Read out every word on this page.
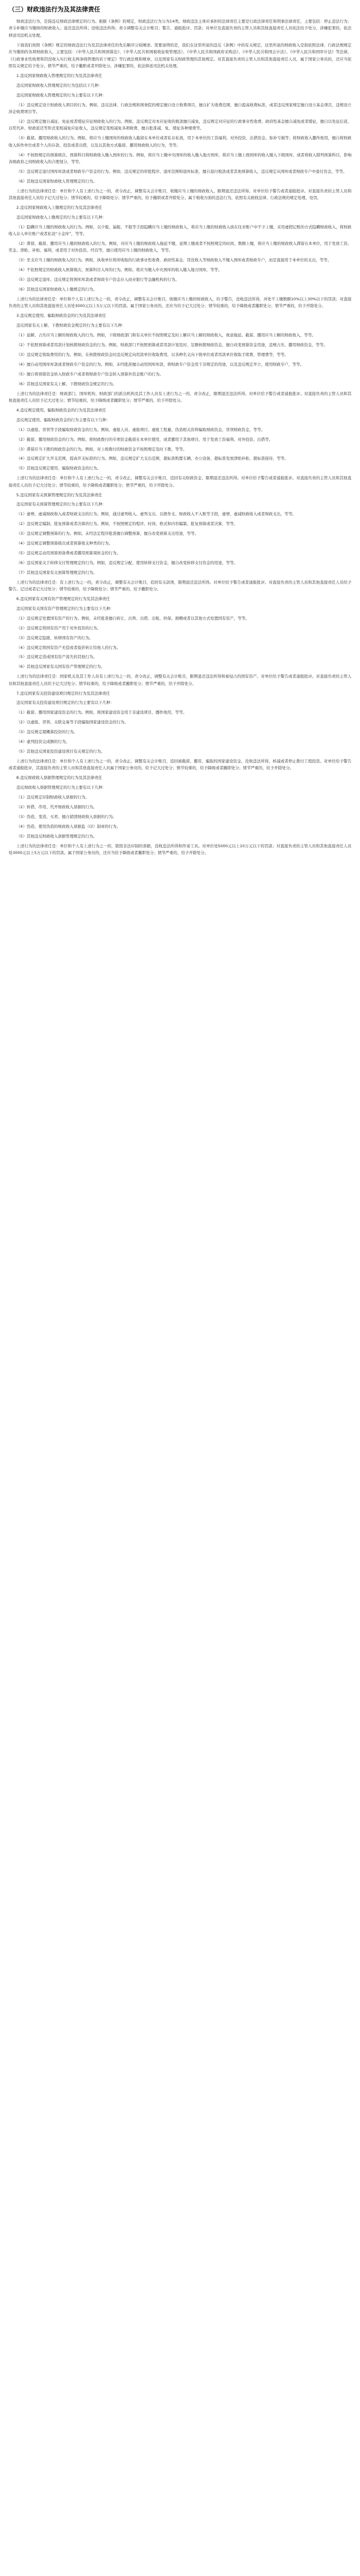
（三）财政违法行为及其法律责任

财政违法行为，是指违反财政法律规定的行为。根据《条例》的规定，财政违法行为分为14类。财政违法主体应承担的法律责任主要是行政法律责任和刑事法律责任，主要包括：停止违法行为；责令补缴应当缴纳的财政收入；退还违法所得；没收违法所得；责令调整有关会计账目；警告、通报批评、罚款；对单位及直接负责的主管人员和其他直接责任人员依法给予处分，涉嫌犯罪的，依法移送司法机关处理。

下面我们按照《条例》规定的财政违法行为及其法律责任的先后顺序分别阐述。需要说明的是，我们在这里所说的违反《条例》中的有关规定，这里所说的财政收入是指依照法律、行政法规规定应当缴纳的各项财政收入，主要包括：《中华人民共和国预算法》、《中华人民共和国税收征收管理法》、《中华人民共和国政府采购法》、《中华人民共和国会计法》、《中华人民共和国审计法》等法律，《行政事业性收费和罚没收入实行收支两条线管理的若干规定》等行政法规和规章，以及国家有关财政管理的其他规定。对其直接负责的主管人员和其他直接责任人员，属于国家公务员的，还应当依照有关规定给予处分。情节严重的，给予撤职或者开除处分。涉嫌犯罪的，依法移送司法机关处理。

1.违反国家财政收入管理规定的行为及其法律责任

违反国家财政收入管理规定的行为包括以下几种：

违反国家财政收入管理规定的行为主要有以下几种：

（1）违反规定设立财政收入项目的行为。例如，违反法律、行政法规和国务院的规定擅自设立收费项目，擅自扩大收费范围，擅自提高收费标准，或者违反国家规定擅自设立基金项目，违规设立涉企收费项目等。

（2）违反规定擅自减征、免征或者缓征应征财政收入的行为。例如，违反规定对本应征收的税款擅自减免，违反规定对应征的行政事业性收费、政府性基金擅自减免或者缓征，擅自以先征后返、以奖代补、财政返还等形式变相减免应征收入，违反规定变相减免各项税费，擅自批准减、免、缓征各种规费等。

（3）截留、挪用财政收入的行为。例如，将应当上缴国库的财政收入截留在本单位或者私存私放，用于本单位的工资福利、对外投资、出借资金、弥补亏损等；将财政收入挪作他用，擅自将财政收入转作单位或者个人的存款、投资或者出借，以及以其他方式截留、挪用财政收入的行为，等等。

（4）不按照规定的预算级次、预算科目将财政收入缴入国库的行为。例如，将应当上缴中央国库的收入缴入地方国库，将应当上缴上级国库的收入缴入下级国库，或者将收入错列预算科目，影响各级政府之间财政收入的合理划分，等等。

（5）违反规定退付国库库款或者财政专户资金的行为。例如，违反规定的审批程序、退库范围和退库标准，擅自退付税款或者其他预算收入，违反规定从国库或者财政专户中退付资金，等等。

（6）其他违反国家财政收入管理规定的行为。

上述行为的法律责任是：单位和个人有上述行为之一的，责令改正，调整有关会计账目，收缴应当上缴的财政收入，限期退还违法所得。对单位给予警告或者通报批评。对直接负责的主管人员和其他直接责任人员给予记大过处分；情节较重的，给予降级处分；情节严重的，给予撤职或者开除处分。属于税收方面的违法行为，依照有关税收法律、行政法规的规定处理、处罚。

2.违反国家财政收入上缴规定的行为及其法律责任

违反国家财政收入上缴规定的行为主要有以下几种：

（1）隐瞒应当上缴的财政收入的行为。例如，以少报、漏报、不报等手段隐瞒应当上缴的财政收入，将应当上缴的财政收入放在往来账户中不予上缴，采用虚假记账的方式隐瞒财政收入，将财政收入存入单位账户或者私设“小金库”，等等。

（2）滞留、截留、挪用应当上缴的财政收入的行为。例如，对应当上缴的财政收入拖延不缴，延期上缴或者不按照规定的时间、数额上缴，将应当上缴的财政收入滞留在本单位，用于发放工资、奖金、津贴、补贴、福利，或者用于对外投资、经营等，擅自使用应当上缴的财政收入，等等。

（3）坐支应当上缴的财政收入的行为。例如，执收单位将所收取的行政事业性收费、政府性基金、罚没收入等财政收入不缴入国库或者财政专户，而是直接用于本单位的支出，等等。

（4）不依照规定的财政收入预算级次、预算科目入库的行为。例如，将应当缴入中央国库的收入缴入地方国库，等等。

（5）违反规定退库、违反规定将国库库款或者财政专户资金存入商业银行等金融机构的行为。

（6）其他违反国家财政收入上缴规定的行为。

上述行为的法律责任是：单位和个人有上述行为之一的，责令改正，调整有关会计账目，收缴应当上缴的财政收入，给予警告，没收违法所得，并处不上缴数额10%以上30%以下的罚款；对直接负责的主管人员和其他直接责任人员处3000元以上5万元以下的罚款。属于国家公务员的，还应当给予记大过处分；情节较重的，给予降级或者撤职处分；情节严重的，给予开除处分。

3.违反规定使用、骗取财政资金的行为及其法律责任

违反国家有关上解、下拨财政资金规定的行为主要有以下几种：

（1）延解、占压应当上解的财政收入的行为。例如，下级财政部门和有关单位不按照规定及时上解应当上解的财政收入，故意拖延、截留、挪用应当上解的财政收入，等等。

（2）不依照预算或者用款计划核拨财政资金的行为。例如，财政部门不按照预算或者用款计划及时、足额核拨财政资金，擅自改变预算资金用途，违规占压、挪用财政资金，等等。

（3）违反规定收取费用的行为。例如，在核拨财政资金时违反规定向用款单位收取费用，以各种名义向下级单位或者用款单位收取手续费、管理费等，等等。

（4）擅自动用国库库款或者财政专户资金的行为。例如，未经批准擅自动用国库库款，将财政专户资金用于非规定的用途，以及违反规定开立、使用财政专户，等等。

（5）擅自将预算资金转入财政专户或者将财政专户资金转入预算外资金账户的行为。

（6）其他违反国家有关上解、下拨财政资金规定的行为。

上述行为的法律责任是：财政部门、国库机构、财政部门的派出机构及其工作人员有上述行为之一的，责令改正，限期退还违法所得。对单位给予警告或者通报批评。对直接负责的主管人员和其他直接责任人员给予记大过处分；情节较重的，给予降级或者撤职处分；情节严重的，给予开除处分。

4.违反规定使用、骗取财政资金的行为及其法律责任

违反规定使用、骗取财政资金的行为主要有以下几种：

（1）以虚报、冒领等手段骗取财政资金的行为。例如，虚报人员、虚报项目、虚报工程量、伪造相关资料骗取财政资金，冒领财政资金，等等。

（2）截留、挪用财政资金的行为。例如，将财政拨付的专项资金截留在本单位使用，或者挪用于其他项目、用于发放工资福利、对外投资、出借等。

（3）滞留应当下拨的财政资金的行为。例如，对上级拨付的财政资金不按照规定及时下拨，等等。

（4）违反规定扩大开支范围，提高开支标准的行为。例如，违反规定扩大支出范围，超标准购置车辆、办公设备，超标准发放津贴补贴，超标准接待，等等。

（5）其他违反规定使用、骗取财政资金的行为。

上述行为的法律责任是：单位和个人有上述行为之一的，责令改正，调整有关会计账目，追回有关财政资金，限期退还违法所得。对单位给予警告或者通报批评。对直接负责的主管人员和其他直接责任人员给予记大过处分；情节较重的，给予降级或者撤职处分；情节严重的，给予开除处分。

5.违反国家有关预算管理规定的行为及其法律责任

违反国家有关预算管理规定的行为主要有以下几种：

（1）虚增、虚减财政收入或者财政支出的行为。例如，通过虚列收入、虚列支出、以拨作支、财政收入不入账等手段，虚增、虚减财政收入或者财政支出，等等。

（2）违反规定编制、批复预算或者决算的行为。例如，不按照规定的程序、时间、格式和内容编制、批复预算或者决算，等等。

（3）违反规定调整预算的行为。例如，未经法定程序批准擅自调整预算，擅自改变预算支出用途，等等。

（4）违反规定调整预算级次或者预算收支种类的行为。

（5）违反规定动用预算预备费或者挪用预算周转金的行为。

（6）违反国家关于转移支付管理规定的行为。例如，违反规定分配、使用转移支付资金，擅自改变转移支付资金的用途，等等。

（7）其他违反国家有关预算管理规定的行为。

上述行为的法律责任是：有上述行为之一的，责令改正，调整有关会计账目，追回有关款项，限期退还违法所得。对单位给予警告或者通报批评。对直接负责的主管人员和其他直接责任人员给予警告、记过或者记大过处分；情节较重的，给予降级处分；情节严重的，给予撤职处分。

6.违反国家有关国有资产管理规定的行为及其法律责任

违反国家有关国有资产管理规定的行为主要有以下几种：

（1）违反规定处置国有资产的行为。例如，未经批准擅自转让、出售、出借、出租、担保、捐赠或者以其他方式处置国有资产，等等。

（2）违反规定将国有资产用于对外投资的行为。

（3）违反规定隐匿、转移国有资产的行为。

（4）违反规定将国有资产无偿或者低价转让给他人的行为。

（5）违反规定造成国有资产流失的其他行为。

（6）其他违反国家有关国有资产管理规定的行为。

上述行为的法律责任是：国家机关及其工作人员有上述行为之一的，责令改正，调整有关会计账目，限期退还违法所得和被侵占的国有资产。对单位给予警告或者通报批评。对直接负责的主管人员和其他直接责任人员给予记大过处分；情节较重的，给予降级或者撤职处分；情节严重的，给予开除处分。

7.违反国家有关投资建设项目规定的行为及其法律责任

违反国家有关投资建设项目规定的行为主要有以下几种：

（1）截留、挪用国家建设资金的行为。例如，将国家建设资金用于非建设项目，挪作他用，等等。

（2）以虚报、冒领、关联交易等手段骗取国家建设资金的行为。

（3）违反规定超概算投资的行为。

（4）虚列投资完成额的行为。

（5）其他违反国家投资建设项目有关规定的行为。

上述行为的法律责任是：单位和个人有上述行为之一的，责令改正，调整有关会计账目，追回被截留、挪用、骗取的国家建设资金，没收违法所得，核减或者停止拨付工程投资。对单位给予警告或者通报批评，其直接负责的主管人员和其他直接责任人员属于国家公务员的，给予记大过处分；情节较重的，给予降级或者撤职处分；情节严重的，给予开除处分。

8.违反财政收入票据管理规定的行为及其法律责任

违反财政收入票据管理规定的行为主要有以下几种：

（1）违反规定印制财政收入票据的行为。

（2）转借、串用、代开财政收入票据的行为。

（3）伪造、变造、买卖、擅自销毁财政收入票据的行为。

（4）伪造、使用伪造的财政收入票据监（印）制章的行为。

（5）其他违反财政收入票据管理规定的行为。

上述行为的法律责任是：单位和个人有上述行为之一的，销毁非法印制的票据，没收违法所得和作案工具。对单位处5000元以上10万元以下的罚款；对直接负责的主管人员和其他直接责任人员处3000元以上5万元以下的罚款。属于国家公务员的，还应当给予降级或者撤职处分；情节严重的，给予开除处分。
